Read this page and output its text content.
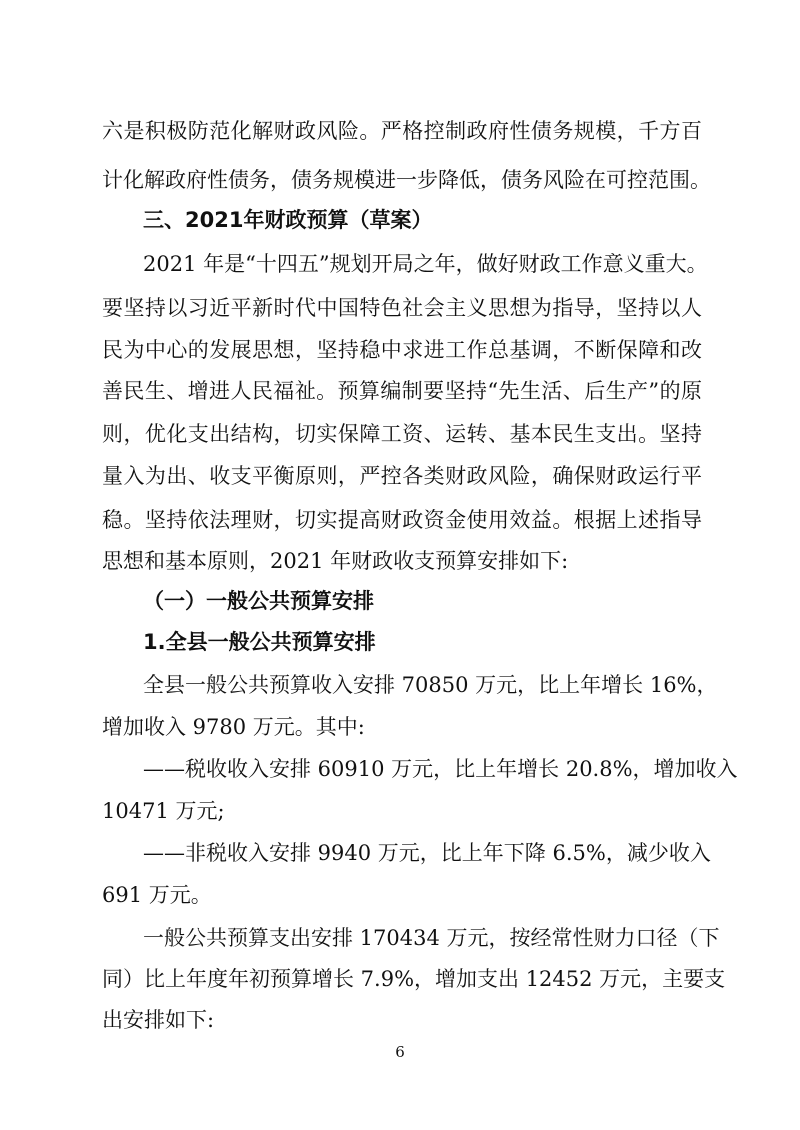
六是积极防范化解财政风险。严格控制政府性债务规模，千方百

计化解政府性债务，债务规模进一步降低，债务风险在可控范围。

三、2021年财政预算（草案）

2021 年是“十四五”规划开局之年，做好财政工作意义重大。

要坚持以习近平新时代中国特色社会主义思想为指导，坚持以人

民为中心的发展思想，坚持稳中求进工作总基调，不断保障和改

善民生、增进人民福祉。预算编制要坚持“先生活、后生产”的原

则，优化支出结构，切实保障工资、运转、基本民生支出。坚持

量入为出、收支平衡原则，严控各类财政风险，确保财政运行平

稳。坚持依法理财，切实提高财政资金使用效益。根据上述指导

思想和基本原则，2021 年财政收支预算安排如下:

（一）一般公共预算安排

1.全县一般公共预算安排

全县一般公共预算收入安排 70850 万元，比上年增长 16%，

增加收入 9780 万元。其中:

——税收收入安排 60910 万元，比上年增长 20.8%，增加收入

10471 万元;

——非税收入安排 9940 万元，比上年下降 6.5%，减少收入

691 万元。

一般公共预算支出安排 170434 万元，按经常性财力口径（下

同）比上年度年初预算增长 7.9%，增加支出 12452 万元，主要支

出安排如下:

6
